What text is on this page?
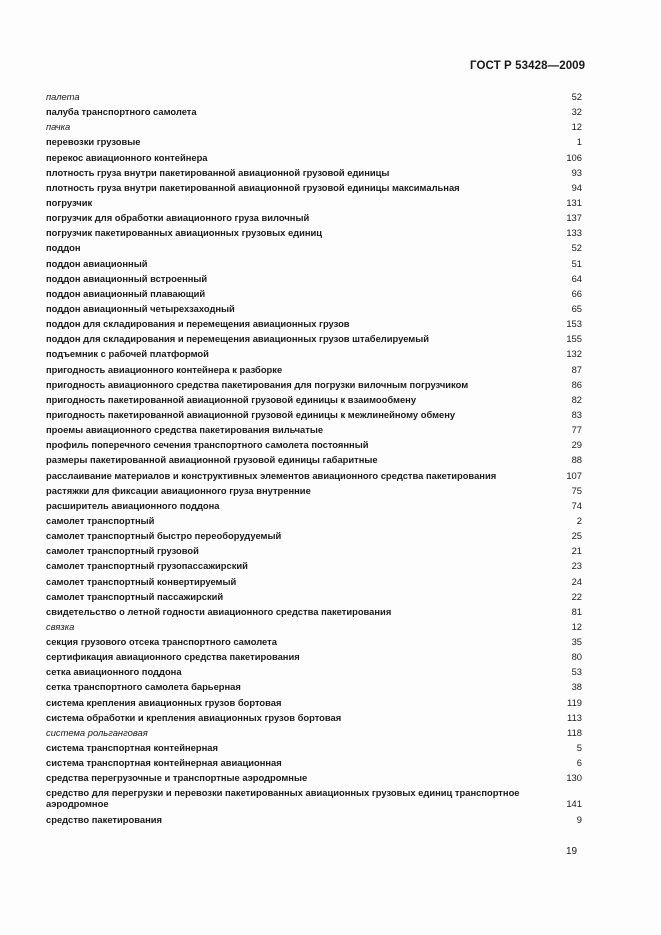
ГОСТ Р 53428—2009
палета	52
палуба транспортного самолета	32
пачка	12
перевозки грузовые	1
перекос авиационного контейнера	106
плотность груза внутри пакетированной авиационной грузовой единицы	93
плотность груза внутри пакетированной авиационной грузовой единицы максимальная	94
погрузчик	131
погрузчик для обработки авиационного груза вилочный	137
погрузчик пакетированных авиационных грузовых единиц	133
поддон	52
поддон авиационный	51
поддон авиационный встроенный	64
поддон авиационный плавающий	66
поддон авиационный четырехзаходный	65
поддон для складирования и перемещения авиационных грузов	153
поддон для складирования и перемещения авиационных грузов штабелируемый	155
подъемник с рабочей платформой	132
пригодность авиационного контейнера к разборке	87
пригодность авиационного средства пакетирования для погрузки вилочным погрузчиком	86
пригодность пакетированной авиационной грузовой единицы к взаимообмену	82
пригодность пакетированной авиационной грузовой единицы к межлинейному обмену	83
проемы авиационного средства пакетирования вильчатые	77
профиль поперечного сечения транспортного самолета постоянный	29
размеры пакетированной авиационной грузовой единицы габаритные	88
расслаивание материалов и конструктивных элементов авиационного средства пакетирования	107
растяжки для фиксации авиационного груза внутренние	75
расширитель авиационного поддона	74
самолет транспортный	2
самолет транспортный быстро переоборудуемый	25
самолет транспортный грузовой	21
самолет транспортный грузопассажирский	23
самолет транспортный конвертируемый	24
самолет транспортный пассажирский	22
свидетельство о летной годности авиационного средства пакетирования	81
связка	12
секция грузового отсека транспортного самолета	35
сертификация авиационного средства пакетирования	80
сетка авиационного поддона	53
сетка транспортного самолета барьерная	38
система крепления авиационных грузов бортовая	119
система обработки и крепления авиационных грузов бортовая	113
система рольганговая	118
система транспортная контейнерная	5
система транспортная контейнерная авиационная	6
средства перегрузочные и транспортные аэродромные	130
средство для перегрузки и перевозки пакетированных авиационных грузовых единиц транспортное аэродромное	141
средство пакетирования	9
19
